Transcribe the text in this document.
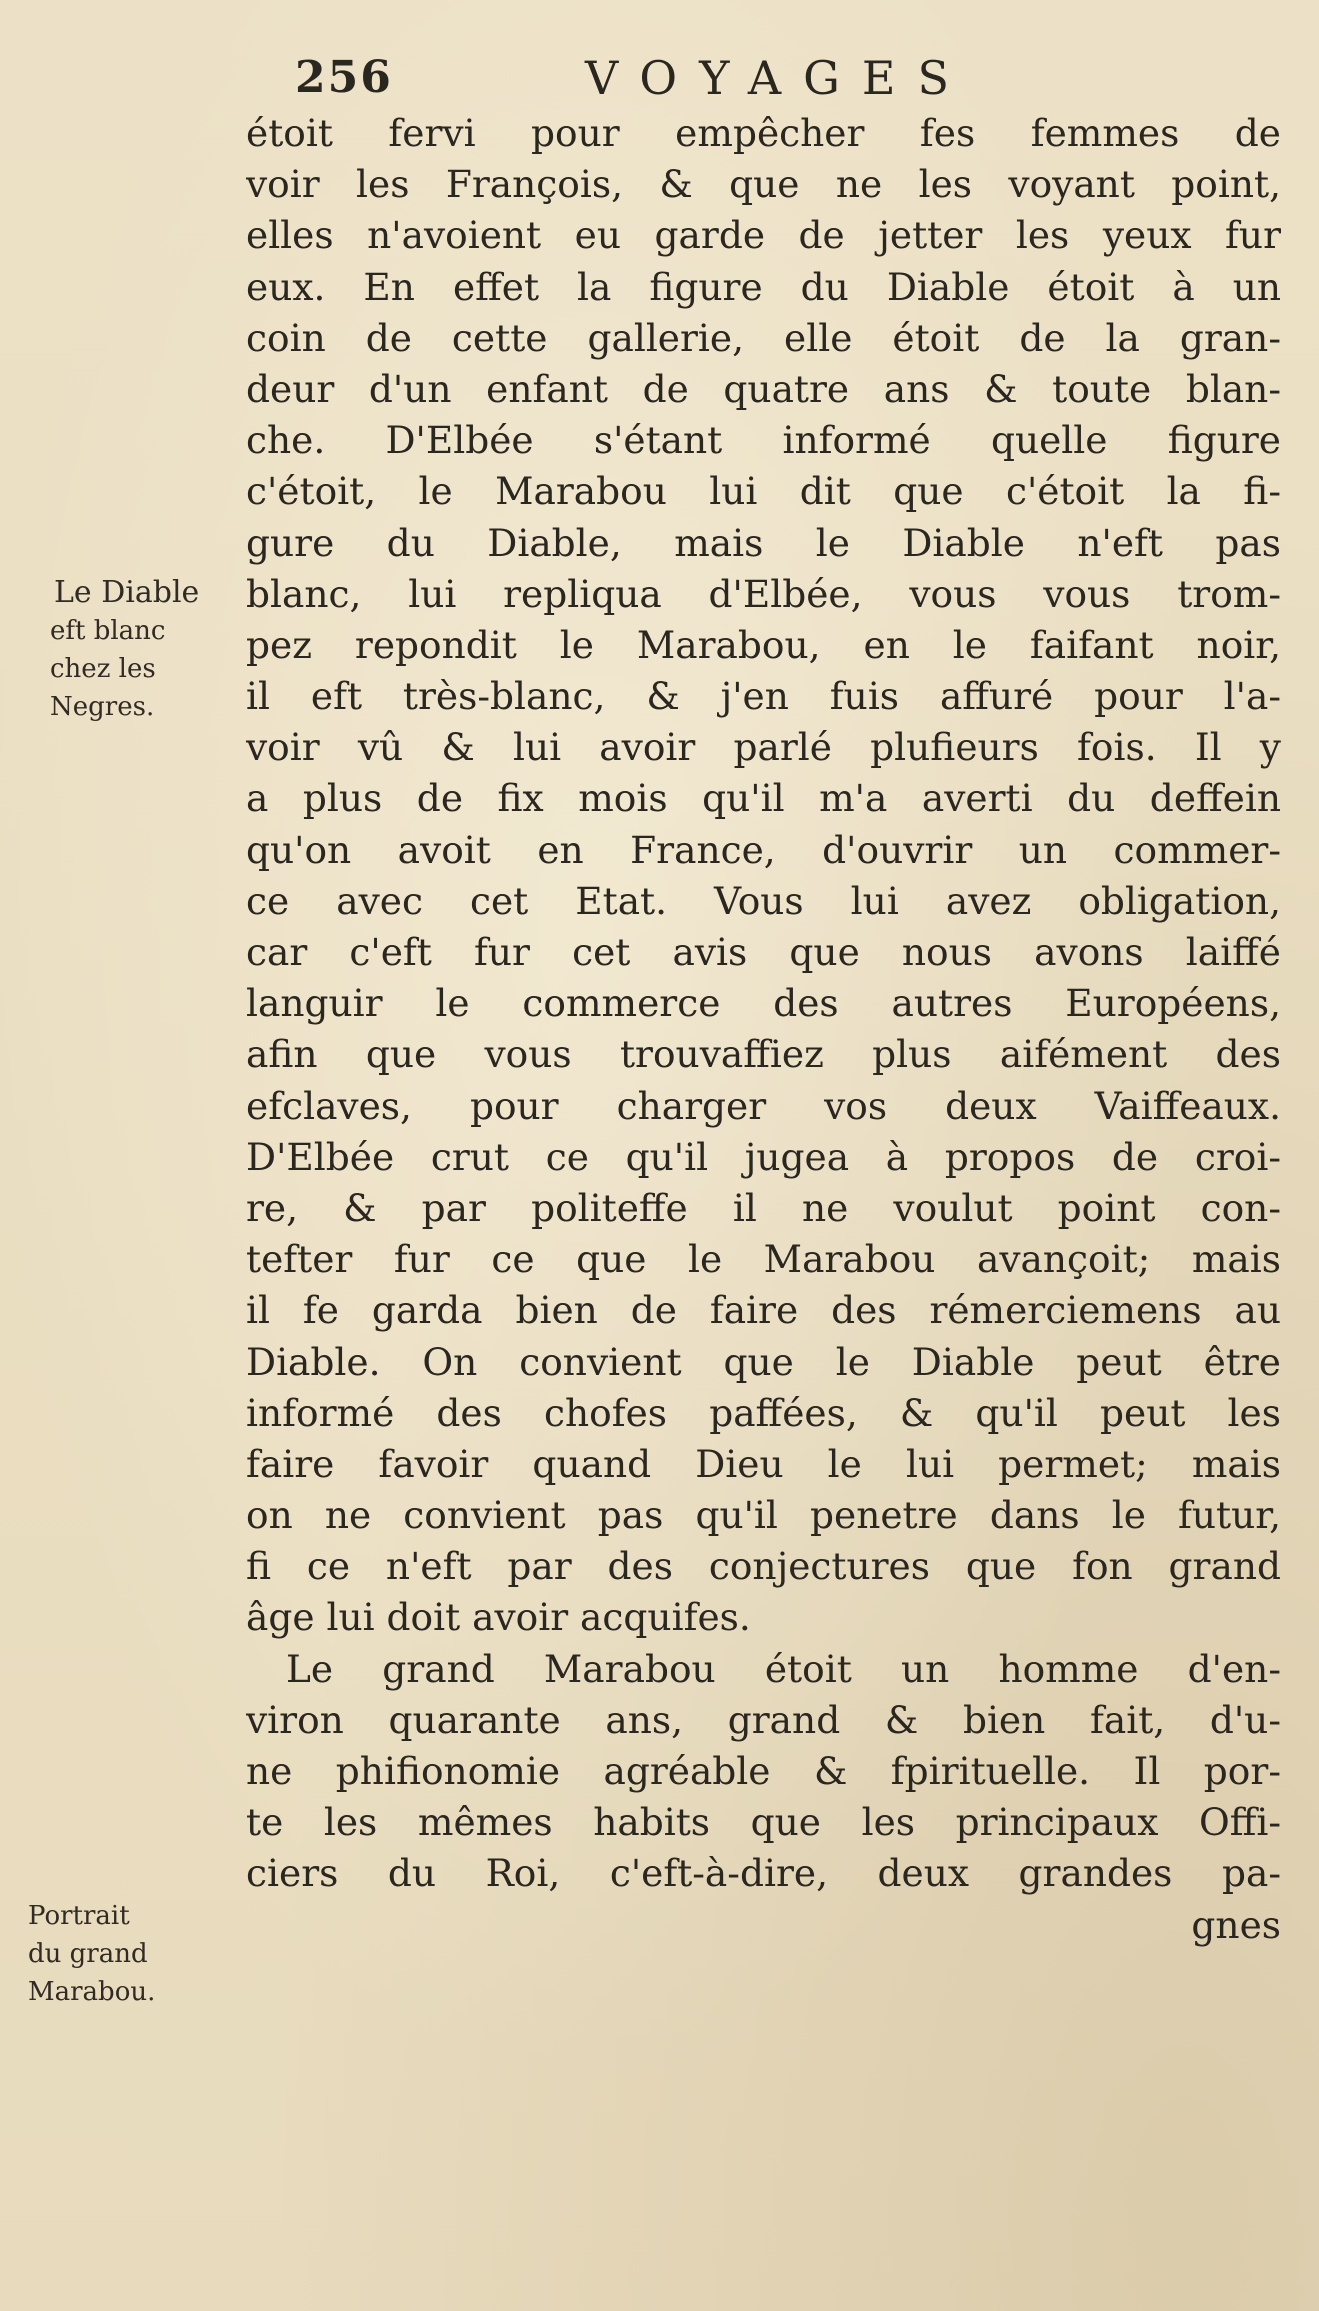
256	VOYAGES
Le Diable
eft blanc
chez les
Negres.
Portrait
du grand
Marabou.
étoit fervi pour empêcher fes femmes de
voir les François, & que ne les voyant point,
elles n'avoient eu garde de jetter les yeux fur
eux. En effet la figure du Diable étoit à un
coin de cette gallerie, elle étoit de la gran-
deur d'un enfant de quatre ans & toute blan-
che. D'Elbée s'étant informé quelle figure
c'étoit, le Marabou lui dit que c'étoit la fi-
gure du Diable, mais le Diable n'eft pas
blanc, lui repliqua d'Elbée, vous vous trom-
pez repondit le Marabou, en le faifant noir,
il eft très-blanc, & j'en fuis affuré pour l'a-
voir vû & lui avoir parlé plufieurs fois. Il y
a plus de fix mois qu'il m'a averti du deffein
qu'on avoit en France, d'ouvrir un commer-
ce avec cet Etat. Vous lui avez obligation,
car c'eft fur cet avis que nous avons laiffé
languir le commerce des autres Européens,
afin que vous trouvaffiez plus aifément des
efclaves, pour charger vos deux Vaiffeaux.
D'Elbée crut ce qu'il jugea à propos de croi-
re, & par politeffe il ne voulut point con-
tefter fur ce que le Marabou avançoit; mais
il fe garda bien de faire des rémerciemens au
Diable. On convient que le Diable peut être
informé des chofes paffées, & qu'il peut les
faire favoir quand Dieu le lui permet; mais
on ne convient pas qu'il penetre dans le futur,
fi ce n'eft par des conjectures que fon grand
âge lui doit avoir acquifes.
Le grand Marabou étoit un homme d'en-
viron quarante ans, grand & bien fait, d'u-
ne phifionomie agréable & fpirituelle. Il por-
te les mêmes habits que les principaux Offi-
ciers du Roi, c'eft-à-dire, deux grandes pa-
gnes
